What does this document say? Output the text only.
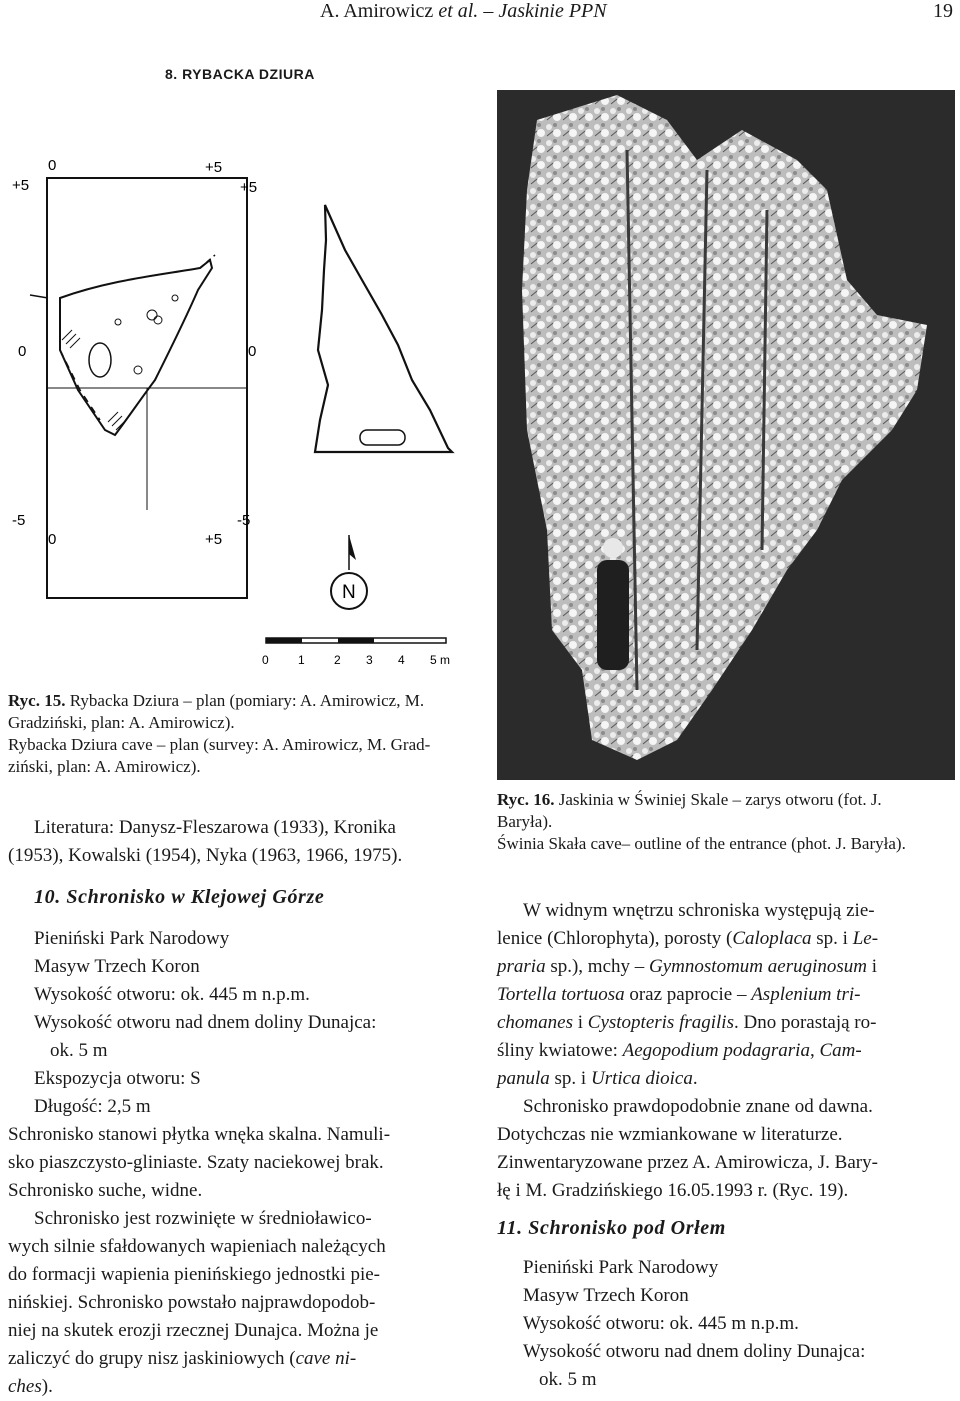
A. Amirowicz et al. – Jaskinie PPN	19
8. RYBACKA DZIURA
0	+5
+5	+5
0	0
-5	-5
0	+5
N
0 1 2 3 4 5 m
Ryc. 15. Rybacka Dziura – plan (pomiary: A. Amirowicz, M.
Gradziński, plan: A. Amirowicz).
Rybacka Dziura cave – plan (survey: A. Amirowicz, M. Grad-
ziński, plan: A. Amirowicz).
Ryc. 16. Jaskinia w Świniej Skale – zarys otworu (fot. J.
Baryła).
Świnia Skała cave– outline of the entrance (phot. J. Baryła).
Literatura: Danysz-Fleszarowa (1933), Kronika
(1953), Kowalski (1954), Nyka (1963, 1966, 1975).
10. Schronisko w Klejowej Górze
Pieniński Park Narodowy
Masyw Trzech Koron
Wysokość otworu: ok. 445 m n.p.m.
Wysokość otworu nad dnem doliny Dunajca:
ok. 5 m
Ekspozycja otworu: S
Długość: 2,5 m
Schronisko stanowi płytka wnęka skalna. Namuli-
sko piaszczysto-gliniaste. Szaty naciekowej brak.
Schronisko suche, widne.
Schronisko jest rozwinięte w średnioławico-
wych silnie sfałdowanych wapieniach należących
do formacji wapienia pienińskiego jednostki pie-
nińskiej. Schronisko powstało najprawdopodob-
niej na skutek erozji rzecznej Dunajca. Można je
zaliczyć do grupy nisz jaskiniowych (cave ni-
ches).
W widnym wnętrzu schroniska występują zie-
lenice (Chlorophyta), porosty (Caloplaca sp. i Le-
praria sp.), mchy – Gymnostomum aeruginosum i
Tortella tortuosa oraz paprocie – Asplenium tri-
chomanes i Cystopteris fragilis. Dno porastają ro-
śliny kwiatowe: Aegopodium podagraria, Cam-
panula sp. i Urtica dioica.
Schronisko prawdopodobnie znane od dawna.
Dotychczas nie wzmiankowane w literaturze.
Zinwentaryzowane przez A. Amirowicza, J. Bary-
łę i M. Gradzińskiego 16.05.1993 r. (Ryc. 19).
11. Schronisko pod Orłem
Pieniński Park Narodowy
Masyw Trzech Koron
Wysokość otworu: ok. 445 m n.p.m.
Wysokość otworu nad dnem doliny Dunajca:
ok. 5 m
